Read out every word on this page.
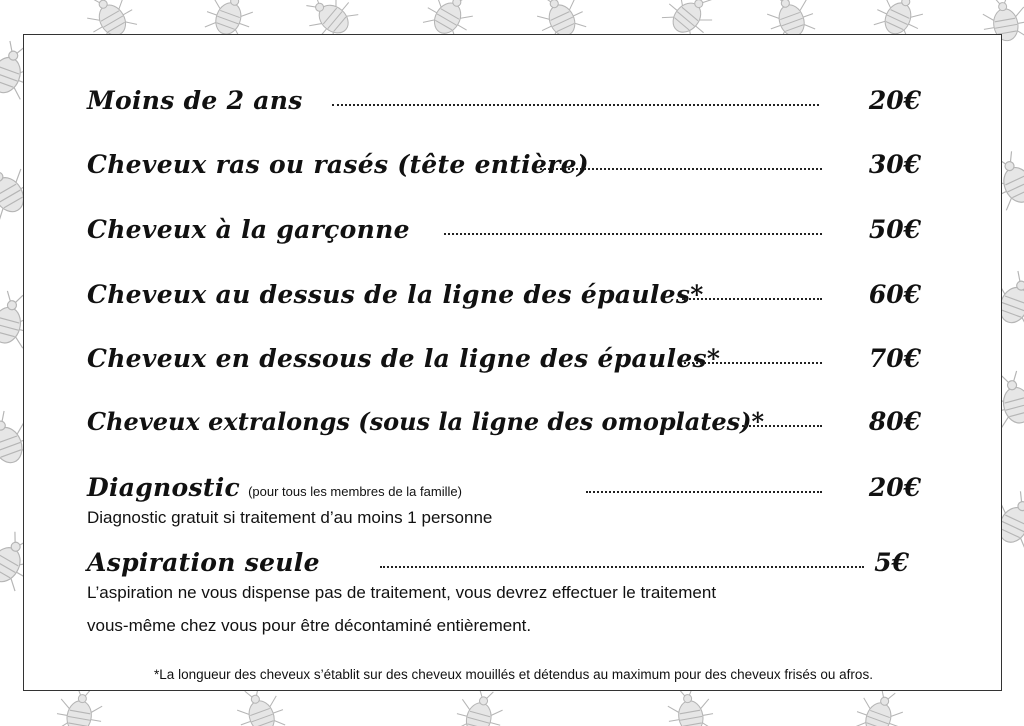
Moins de 2 ans	20€
Cheveux ras ou rasés (tête entière)	30€
Cheveux à la garçonne	50€
Cheveux au dessus de la ligne des épaules*	60€
Cheveux en dessous de la ligne des épaules*	70€
Cheveux extralongs (sous la ligne des omoplates)*	80€
Diagnostic (pour tous les membres de la famille)	20€
Diagnostic gratuit si traitement d’au moins 1 personne
Aspiration seule	5€
L’aspiration ne vous dispense pas de traitement, vous devrez effectuer le traitement
vous-même chez vous pour être décontaminé entièrement.
*La longueur des cheveux s’établit sur des cheveux mouillés et détendus au maximum pour des cheveux frisés ou afros.
